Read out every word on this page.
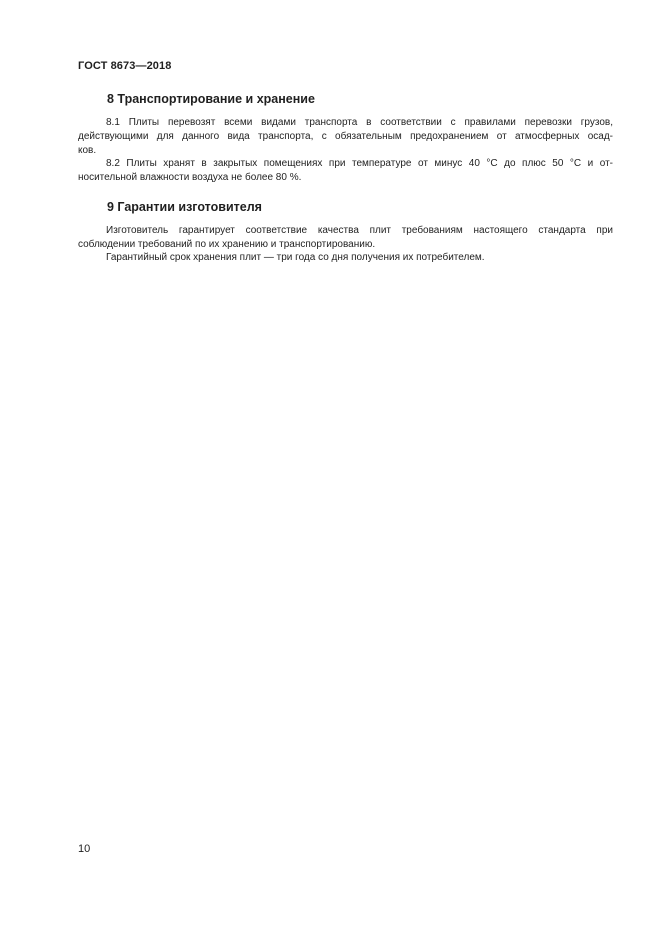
ГОСТ 8673—2018
8 Транспортирование и хранение
8.1 Плиты перевозят всеми видами транспорта в соответствии с правилами перевозки грузов,
действующими для данного вида транспорта, с обязательным предохранением от атмосферных осад-
ков.
8.2 Плиты хранят в закрытых помещениях при температуре от минус 40 °С до плюс 50 °С и от-
носительной влажности воздуха не более 80 %.
9 Гарантии изготовителя
Изготовитель гарантирует соответствие качества плит требованиям настоящего стандарта при
соблюдении требований по их хранению и транспортированию.
Гарантийный срок хранения плит — три года со дня получения их потребителем.
10
